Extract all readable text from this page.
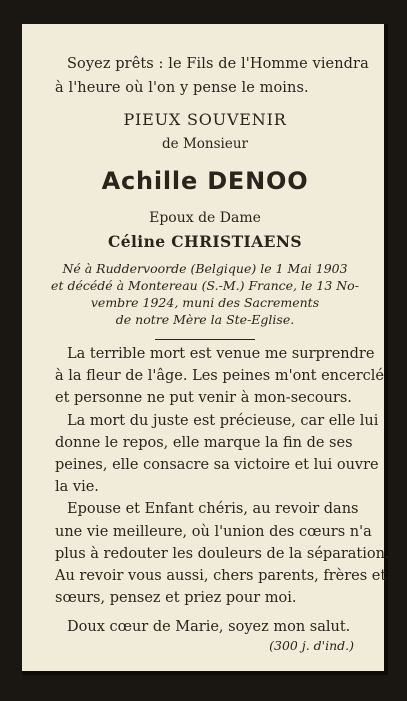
Soyez prêts : le Fils de l'Homme viendra
à l'heure où l'on y pense le moins.
PIEUX SOUVENIR
de Monsieur
Achille DENOO
Epoux de Dame
Céline CHRISTIAENS
Né à Ruddervoorde (Belgique) le 1 Mai 1903
et décédé à Montereau (S.-M.) France, le 13 No-
vembre 1924, muni des Sacrements
de notre Mère la Ste-Eglise.
La terrible mort est venue me surprendre
à la fleur de l'âge. Les peines m'ont encerclé
et personne ne put venir à mon-secours.
La mort du juste est précieuse, car elle lui
donne le repos, elle marque la fin de ses
peines, elle consacre sa victoire et lui ouvre
la vie.
Epouse et Enfant chéris, au revoir dans
une vie meilleure, où l'union des cœurs n'a
plus à redouter les douleurs de la séparation.
Au revoir vous aussi, chers parents, frères et
sœurs, pensez et priez pour moi.
Doux cœur de Marie, soyez mon salut.
(300 j. d'ind.)
